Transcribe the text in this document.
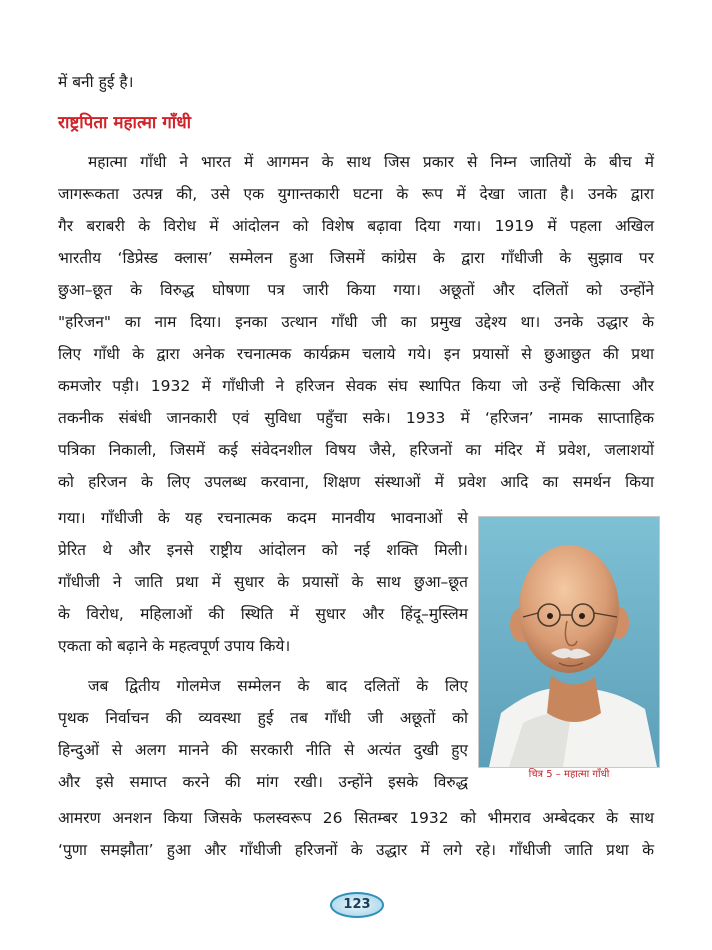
में बनी हुई है।

राष्ट्रपिता महात्मा गाँधी

महात्मा गाँधी ने भारत में आगमन के साथ जिस प्रकार से निम्न जातियों के बीच में

जागरूकता उत्पन्न की, उसे एक युगान्तकारी घटना के रूप में देखा जाता है। उनके द्वारा

गैर बराबरी के विरोध में आंदोलन को विशेष बढ़ावा दिया गया। 1919 में पहला अखिल

भारतीय ‘डिप्रेस्ड क्लास’ सम्मेलन हुआ जिसमें कांग्रेस के द्वारा गाँधीजी के सुझाव पर

छुआ–छूत के विरुद्ध घोषणा पत्र जारी किया गया। अछूतों और दलितों को उन्होंने

"हरिजन" का नाम दिया। इनका उत्थान गाँधी जी का प्रमुख उद्देश्य था। उनके उद्धार के

लिए गाँधी के द्वारा अनेक रचनात्मक कार्यक्रम चलाये गये। इन प्रयासों से छुआछुत की प्रथा

कमजोर पड़ी। 1932 में गाँधीजी ने हरिजन सेवक संघ स्थापित किया जो उन्हें चिकित्सा और

तकनीक संबंधी जानकारी एवं सुविधा पहुँचा सके। 1933 में ‘हरिजन’ नामक साप्ताहिक

पत्रिका निकाली, जिसमें कई संवेदनशील विषय जैसे, हरिजनों का मंदिर में प्रवेश, जलाशयों

को हरिजन के लिए उपलब्ध करवाना, शिक्षण संस्थाओं में प्रवेश आदि का समर्थन किया

गया। गाँधीजी के यह रचनात्मक कदम मानवीय भावनाओं से

प्रेरित थे और इनसे राष्ट्रीय आंदोलन को नई शक्ति मिली।

गाँधीजी ने जाति प्रथा में सुधार के प्रयासों के साथ छुआ–छूत

के विरोध, महिलाओं की स्थिति में सुधार और हिंदू–मुस्लिम

एकता को बढ़ाने के महत्वपूर्ण उपाय किये।

जब द्वितीय गोलमेज सम्मेलन के बाद दलितों के लिए

पृथक निर्वाचन की व्यवस्था हुई तब गाँधी जी अछूतों को

हिन्दुओं से अलग मानने की सरकारी नीति से अत्यंत दुखी हुए

और इसे समाप्त करने की मांग रखी। उन्होंने इसके विरुद्ध

आमरण अनशन किया जिसके फलस्वरूप 26 सितम्बर 1932 को भीमराव अम्बेदकर के साथ

‘पुणा समझौता’ हुआ और गाँधीजी हरिजनों के उद्धार में लगे रहे। गाँधीजी जाति प्रथा के

चित्र 5 – महात्मा गाँधी

123
